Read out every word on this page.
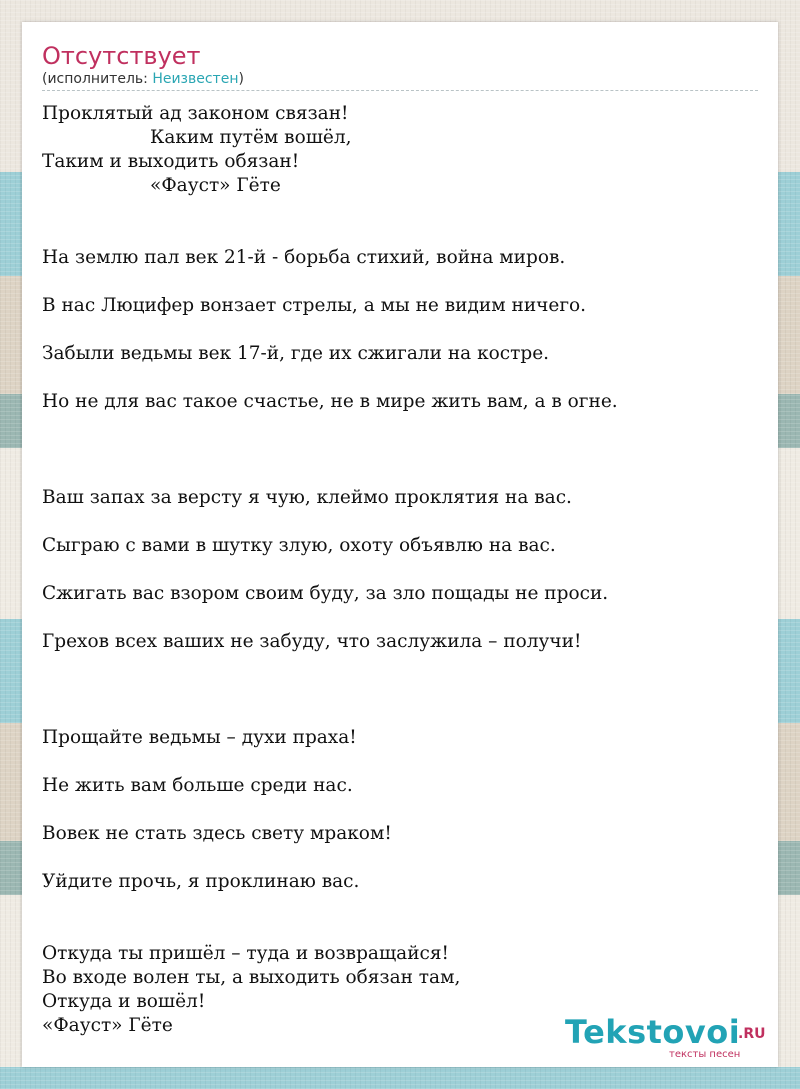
Отсутствует
(исполнитель: Неизвестен)
Проклятый ад законом связан!
Каким путём вошёл,
Таким и выходить обязан!
«Фауст» Гёте
На землю пал век 21-й - борьба стихий, война миров.
В нас Люцифер вонзает стрелы, а мы не видим ничего.
Забыли ведьмы век 17-й, где их сжигали на костре.
Но не для вас такое счастье, не в мире жить вам, а в огне.
Ваш запах за версту я чую, клеймо проклятия на вас.
Сыграю с вами в шутку злую, охоту объявлю на вас.
Сжигать вас взором своим буду, за зло пощады не проси.
Грехов всех ваших не забуду, что заслужила – получи!
Прощайте ведьмы – духи праха!
Не жить вам больше среди нас.
Вовек не стать здесь свету мраком!
Уйдите прочь, я проклинаю вас.
Откуда ты пришёл – туда и возвращайся!
Во входе волен ты, а выходить обязан там,
Откуда и вошёл!
«Фауст» Гёте	Tekstovoi
.RU
тексты песен
